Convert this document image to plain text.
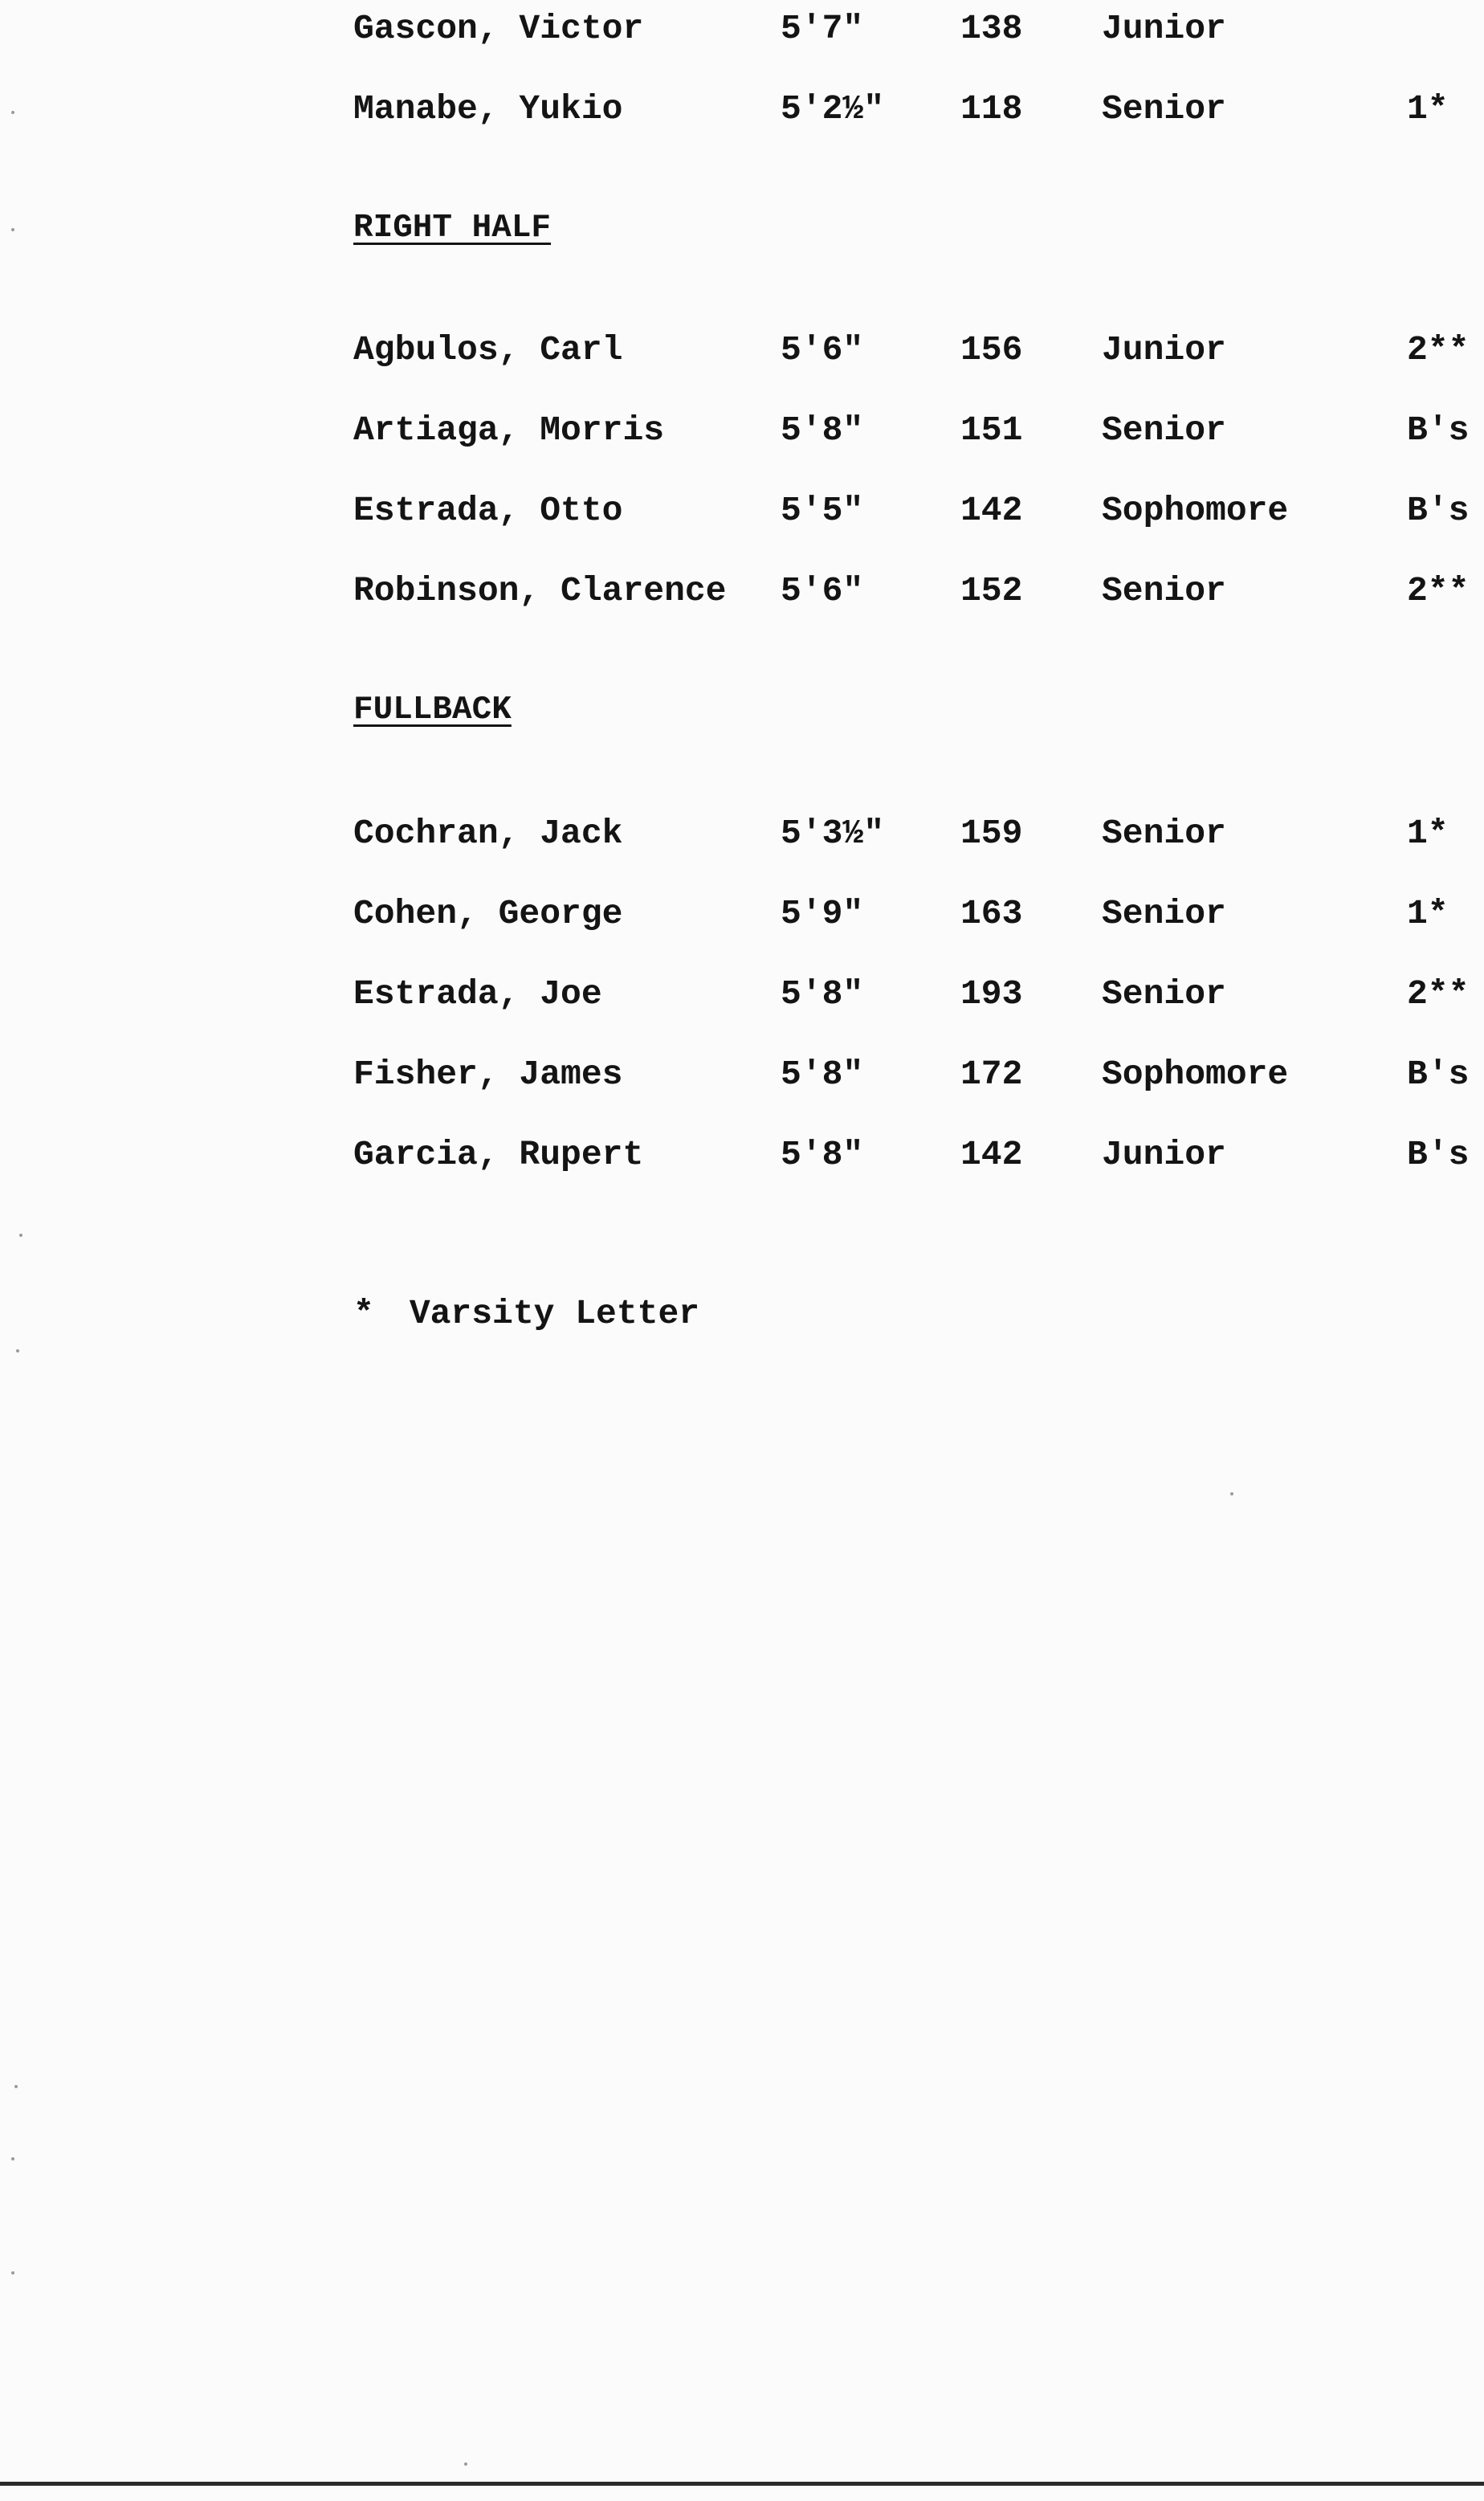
Gascon, Victor	5'7"	138 Junior
Manabe, Yukio	5'2½" 118 Senior	1*
RIGHT HALF
Agbulos, Carl	5'6"	156 Junior	2**
Artiaga, Morris	5'8"	151 Senior	B's
Estrada, Otto	5'5"	142 Sophomore	B's
Robinson, Clarence 5'6"	152 Senior	2**
FULLBACK
Cochran, Jack	5'3½" 159 Senior	1*
Cohen, George	5'9"	163 Senior	1*
Estrada, Joe	5'8"	193 Senior	2**
Fisher, James	5'8"	172 Sophomore	B's
Garcia, Rupert	5'8"	142 Junior	B's
* Varsity Letter
